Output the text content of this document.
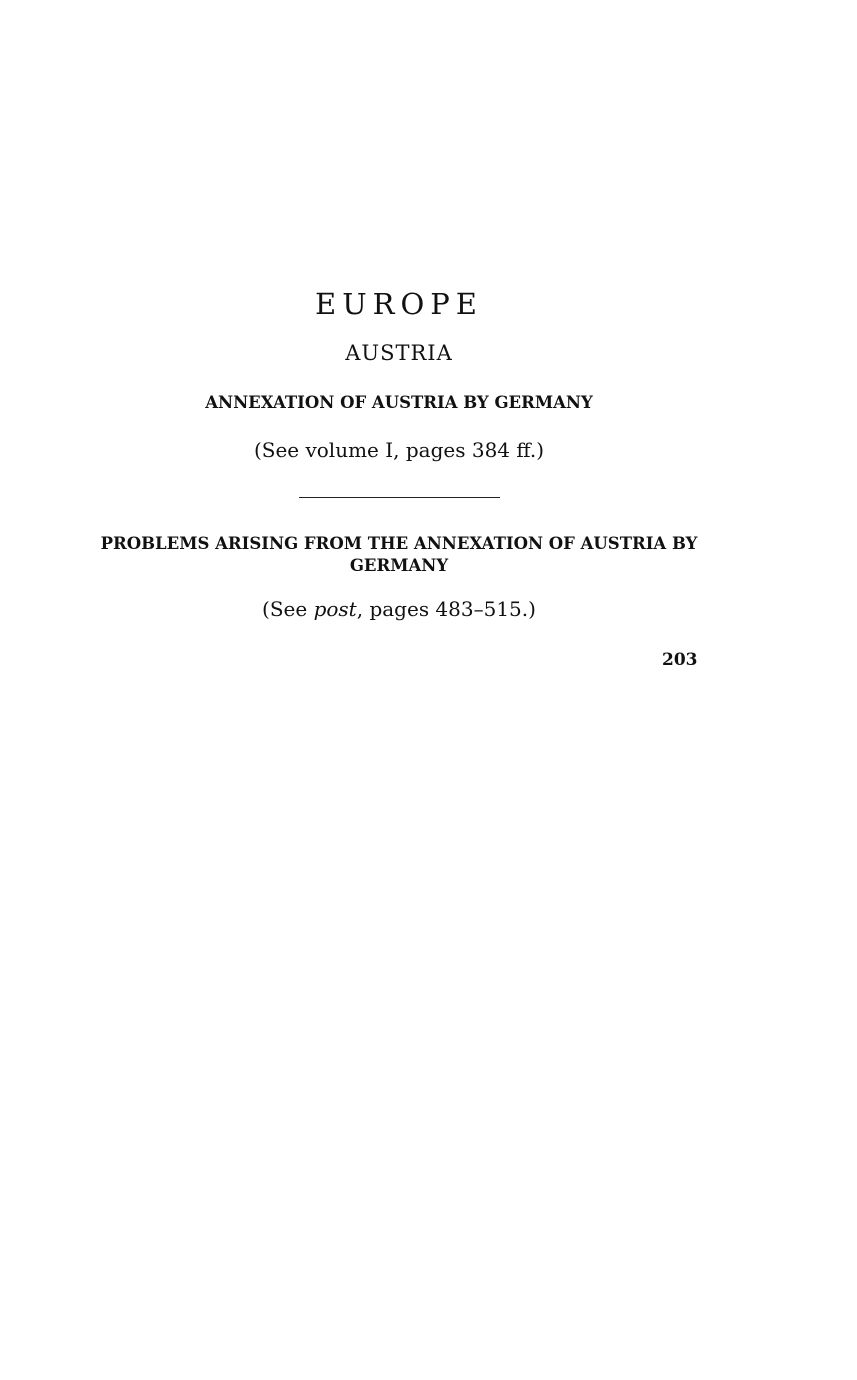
EUROPE
AUSTRIA
ANNEXATION OF AUSTRIA BY GERMANY
(See volume I, pages 384 ff.)
PROBLEMS ARISING FROM THE ANNEXATION OF AUSTRIA BY GERMANY
(See post, pages 483–515.)
203
